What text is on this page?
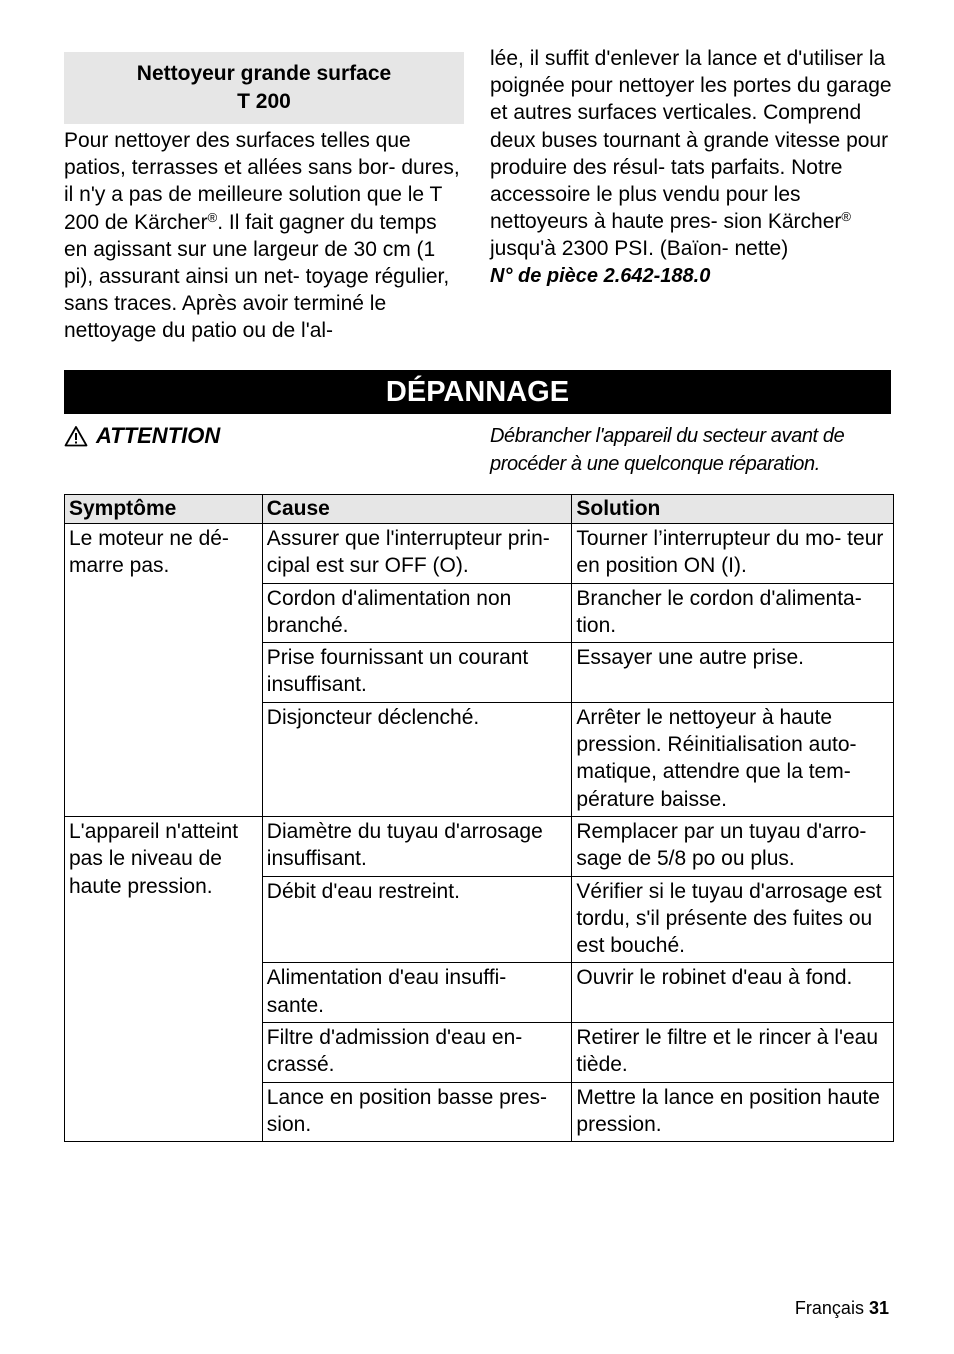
Nettoyeur grande surface
T 200

Pour nettoyer des surfaces telles que patios, terrasses et allées sans bor- dures, il n'y a pas de meilleure solution que le T 200 de Kärcher®. Il fait gagner du temps en agissant sur une largeur de 30 cm (1 pi), assurant ainsi un net- toyage régulier, sans traces. Après avoir terminé le nettoyage du patio ou de l'al-

lée, il suffit d'enlever la lance et d'utiliser la poignée pour nettoyer les portes du garage et autres surfaces verticales. Comprend deux buses tournant à grande vitesse pour produire des résul- tats parfaits. Notre accessoire le plus vendu pour les nettoyeurs à haute pres- sion Kärcher® jusqu'à 2300 PSI. (Baïon- nette)

N° de pièce 2.642-188.0

DÉPANNAGE
ATTENTION	Débrancher l'appareil du secteur avant de procéder à une quelconque réparation.
Symptôme	Cause	Solution
Le moteur ne dé- marre pas.	Assurer que l'interrupteur prin- cipal est sur OFF (O).	Tourner l’interrupteur du mo- teur en position ON (I).
	Cordon d'alimentation non branché.	Brancher le cordon d'alimenta- tion.
	Prise fournissant un courant insuffisant.	Essayer une autre prise.
	Disjoncteur déclenché.	Arrêter le nettoyeur à haute pression. Réinitialisation auto- matique, attendre que la tem- pérature baisse.
L'appareil n'atteint pas le niveau de haute pression.	Diamètre du tuyau d'arrosage insuffisant.	Remplacer par un tuyau d'arro- sage de 5/8 po ou plus.
	Débit d'eau restreint.	Vérifier si le tuyau d'arrosage est tordu, s'il présente des fuites ou est bouché.
	Alimentation d'eau insuffi- sante.	Ouvrir le robinet d'eau à fond.
	Filtre d'admission d'eau en- crassé.	Retirer le filtre et le rincer à l'eau tiède.
	Lance en position basse pres- sion.	Mettre la lance en position haute pression.
Français 31
